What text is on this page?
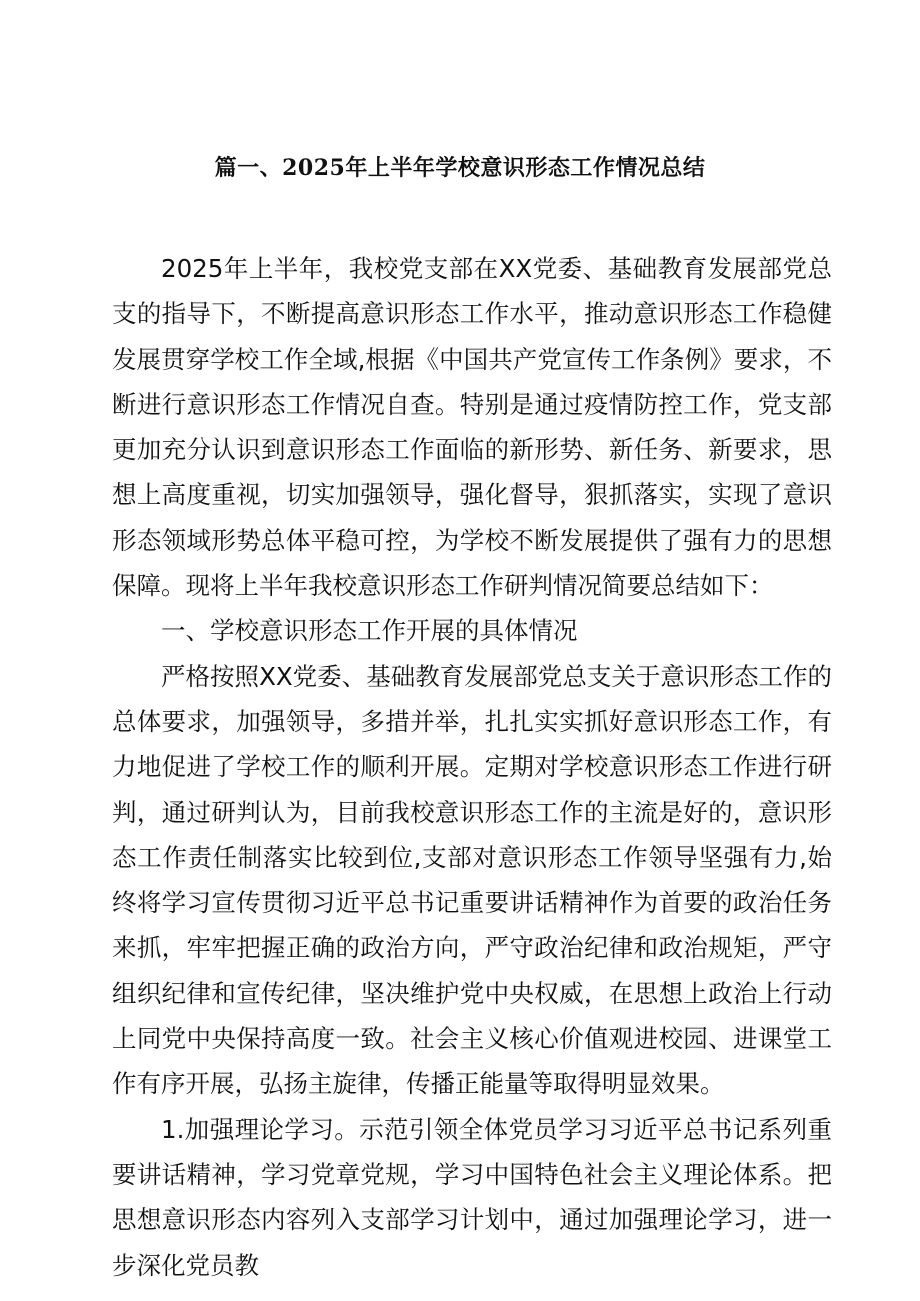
篇一、2025年上半年学校意识形态工作情况总结

2025年上半年，我校党支部在XX党委、基础教育发展部党总支的指导下，不断提高意识形态工作水平，推动意识形态工作稳健发展贯穿学校工作全域,根据《中国共产党宣传工作条例》要求，不断进行意识形态工作情况自查。特别是通过疫情防控工作，党支部更加充分认识到意识形态工作面临的新形势、新任务、新要求，思想上高度重视，切实加强领导，强化督导，狠抓落实，实现了意识形态领域形势总体平稳可控，为学校不断发展提供了强有力的思想保障。现将上半年我校意识形态工作研判情况简要总结如下：

一、学校意识形态工作开展的具体情况

严格按照XX党委、基础教育发展部党总支关于意识形态工作的总体要求，加强领导，多措并举，扎扎实实抓好意识形态工作，有力地促进了学校工作的顺利开展。定期对学校意识形态工作进行研判，通过研判认为，目前我校意识形态工作的主流是好的，意识形态工作责任制落实比较到位,支部对意识形态工作领导坚强有力,始终将学习宣传贯彻习近平总书记重要讲话精神作为首要的政治任务来抓，牢牢把握正确的政治方向，严守政治纪律和政治规矩，严守组织纪律和宣传纪律，坚决维护党中央权威，在思想上政治上行动上同党中央保持高度一致。社会主义核心价值观进校园、进课堂工作有序开展，弘扬主旋律，传播正能量等取得明显效果。

1.加强理论学习。示范引领全体党员学习习近平总书记系列重要讲话精神，学习党章党规，学习中国特色社会主义理论体系。把思想意识形态内容列入支部学习计划中，通过加强理论学习，进一步深化党员教
